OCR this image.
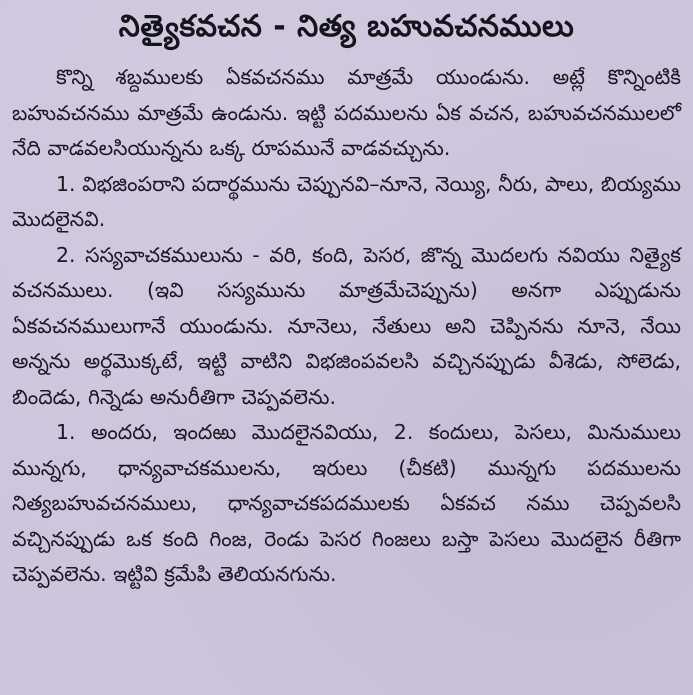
నిత్యైకవచన - నిత్య బహువచనములు

కొన్ని శబ్దములకు ఏకవచనము మాత్రమే యుండును. అట్లే కొన్నింటికి బహువచనము మాత్రమే ఉండును. ఇట్టి పదములను ఏక వచన, బహువచనములలో నేది వాడవలసియున్నను ఒక్క రూపమునే వాడవచ్చును.

1. విభజింపరాని పదార్థమును చెప్పునవి–నూనె, నెయ్యి, నీరు, పాలు, బియ్యము మొదలైనవి.

2. సస్యవాచకములును - వరి, కంది, పెసర, జొన్న మొదలగు నవియు నిత్యైక వచనములు. (ఇవి సస్యమును మాత్రమేచెప్పును) అనగా ఎప్పుడును ఏకవచనములుగానే యుండును. నూనెలు, నేతులు అని చెప్పినను నూనె, నేయి అన్నను అర్థమొక్కటే, ఇట్టి వాటిని విభజింపవలసి వచ్చినప్పుడు వీశెడు, సోలెడు, బిందెడు, గిన్నెడు అనురీతిగా చెప్పవలెను.

1. అందరు, ఇందఱు మొదలైనవియు, 2. కందులు, పెసలు, మినుములు మున్నగు, ధాన్యవాచకములను, ఇరులు (చీకటి) మున్నగు పదములను నిత్యబహువచనములు, ధాన్యవాచకపదములకు ఏకవచ నము చెప్పవలసి వచ్చినప్పుడు ఒక కంది గింజ, రెండు పెసర గింజలు బస్తా పెసలు మొదలైన రీతిగా చెప్పవలెను. ఇట్టివి క్రమేపి తెలియనగును.
